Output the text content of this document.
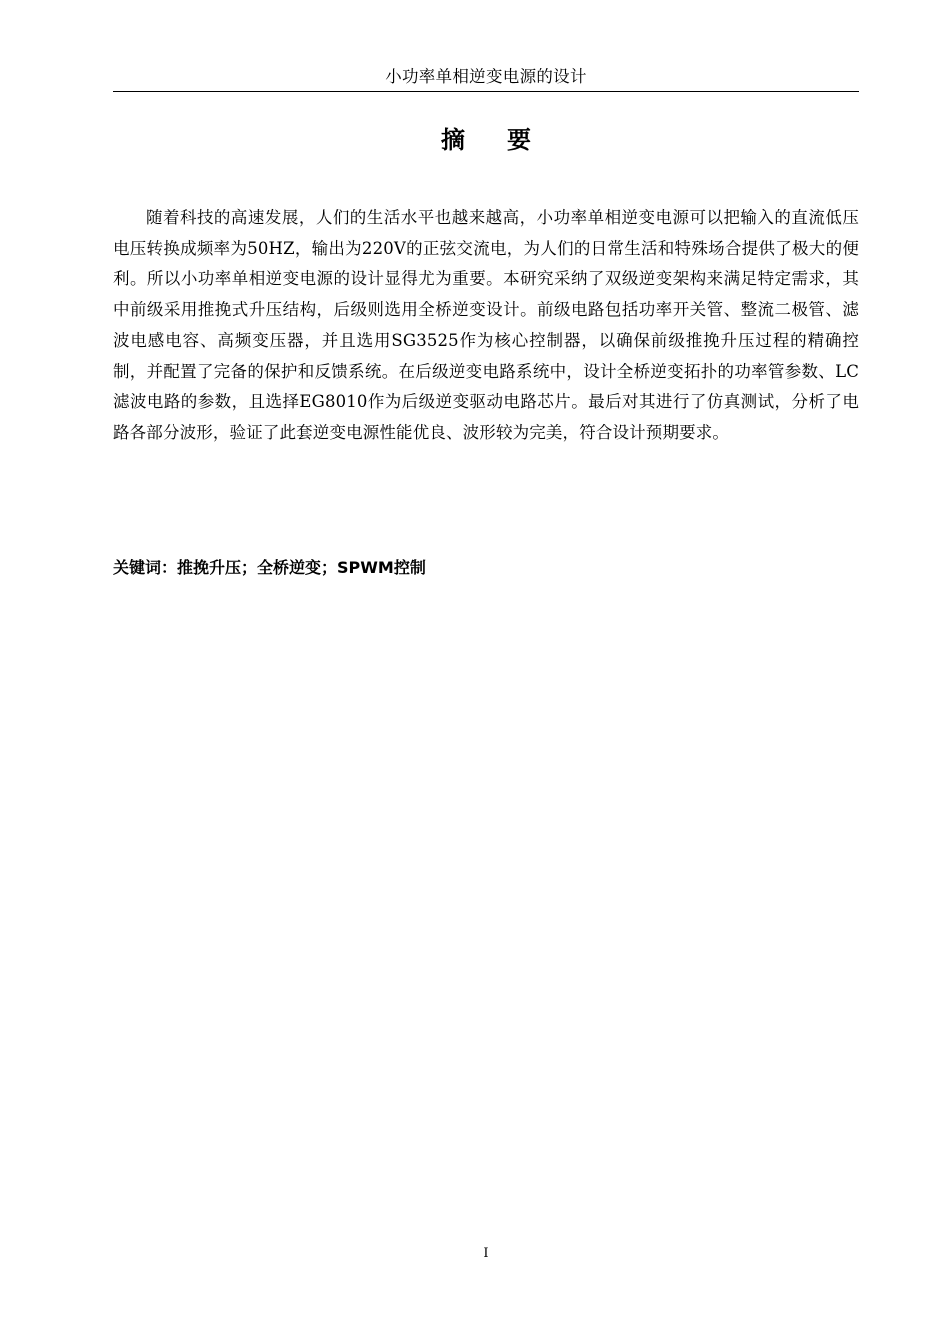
小功率单相逆变电源的设计
摘 要

随着科技的高速发展，人们的生活水平也越来越高，小功率单相逆变电源可以把输入的直流低压电压转换成频率为50HZ，输出为220V的正弦交流电，为人们的日常生活和特殊场合提供了极大的便利。所以小功率单相逆变电源的设计显得尤为重要。本研究采纳了双级逆变架构来满足特定需求，其中前级采用推挽式升压结构，后级则选用全桥逆变设计。前级电路包括功率开关管、整流二极管、滤波电感电容、高频变压器，并且选用SG3525作为核心控制器，以确保前级推挽升压过程的精确控制，并配置了完备的保护和反馈系统。在后级逆变电路系统中，设计全桥逆变拓扑的功率管参数、LC滤波电路的参数，且选择EG8010作为后级逆变驱动电路芯片。最后对其进行了仿真测试，分析了电路各部分波形，验证了此套逆变电源性能优良、波形较为完美，符合设计预期要求。

关键词：推挽升压；全桥逆变；SPWM控制
I
